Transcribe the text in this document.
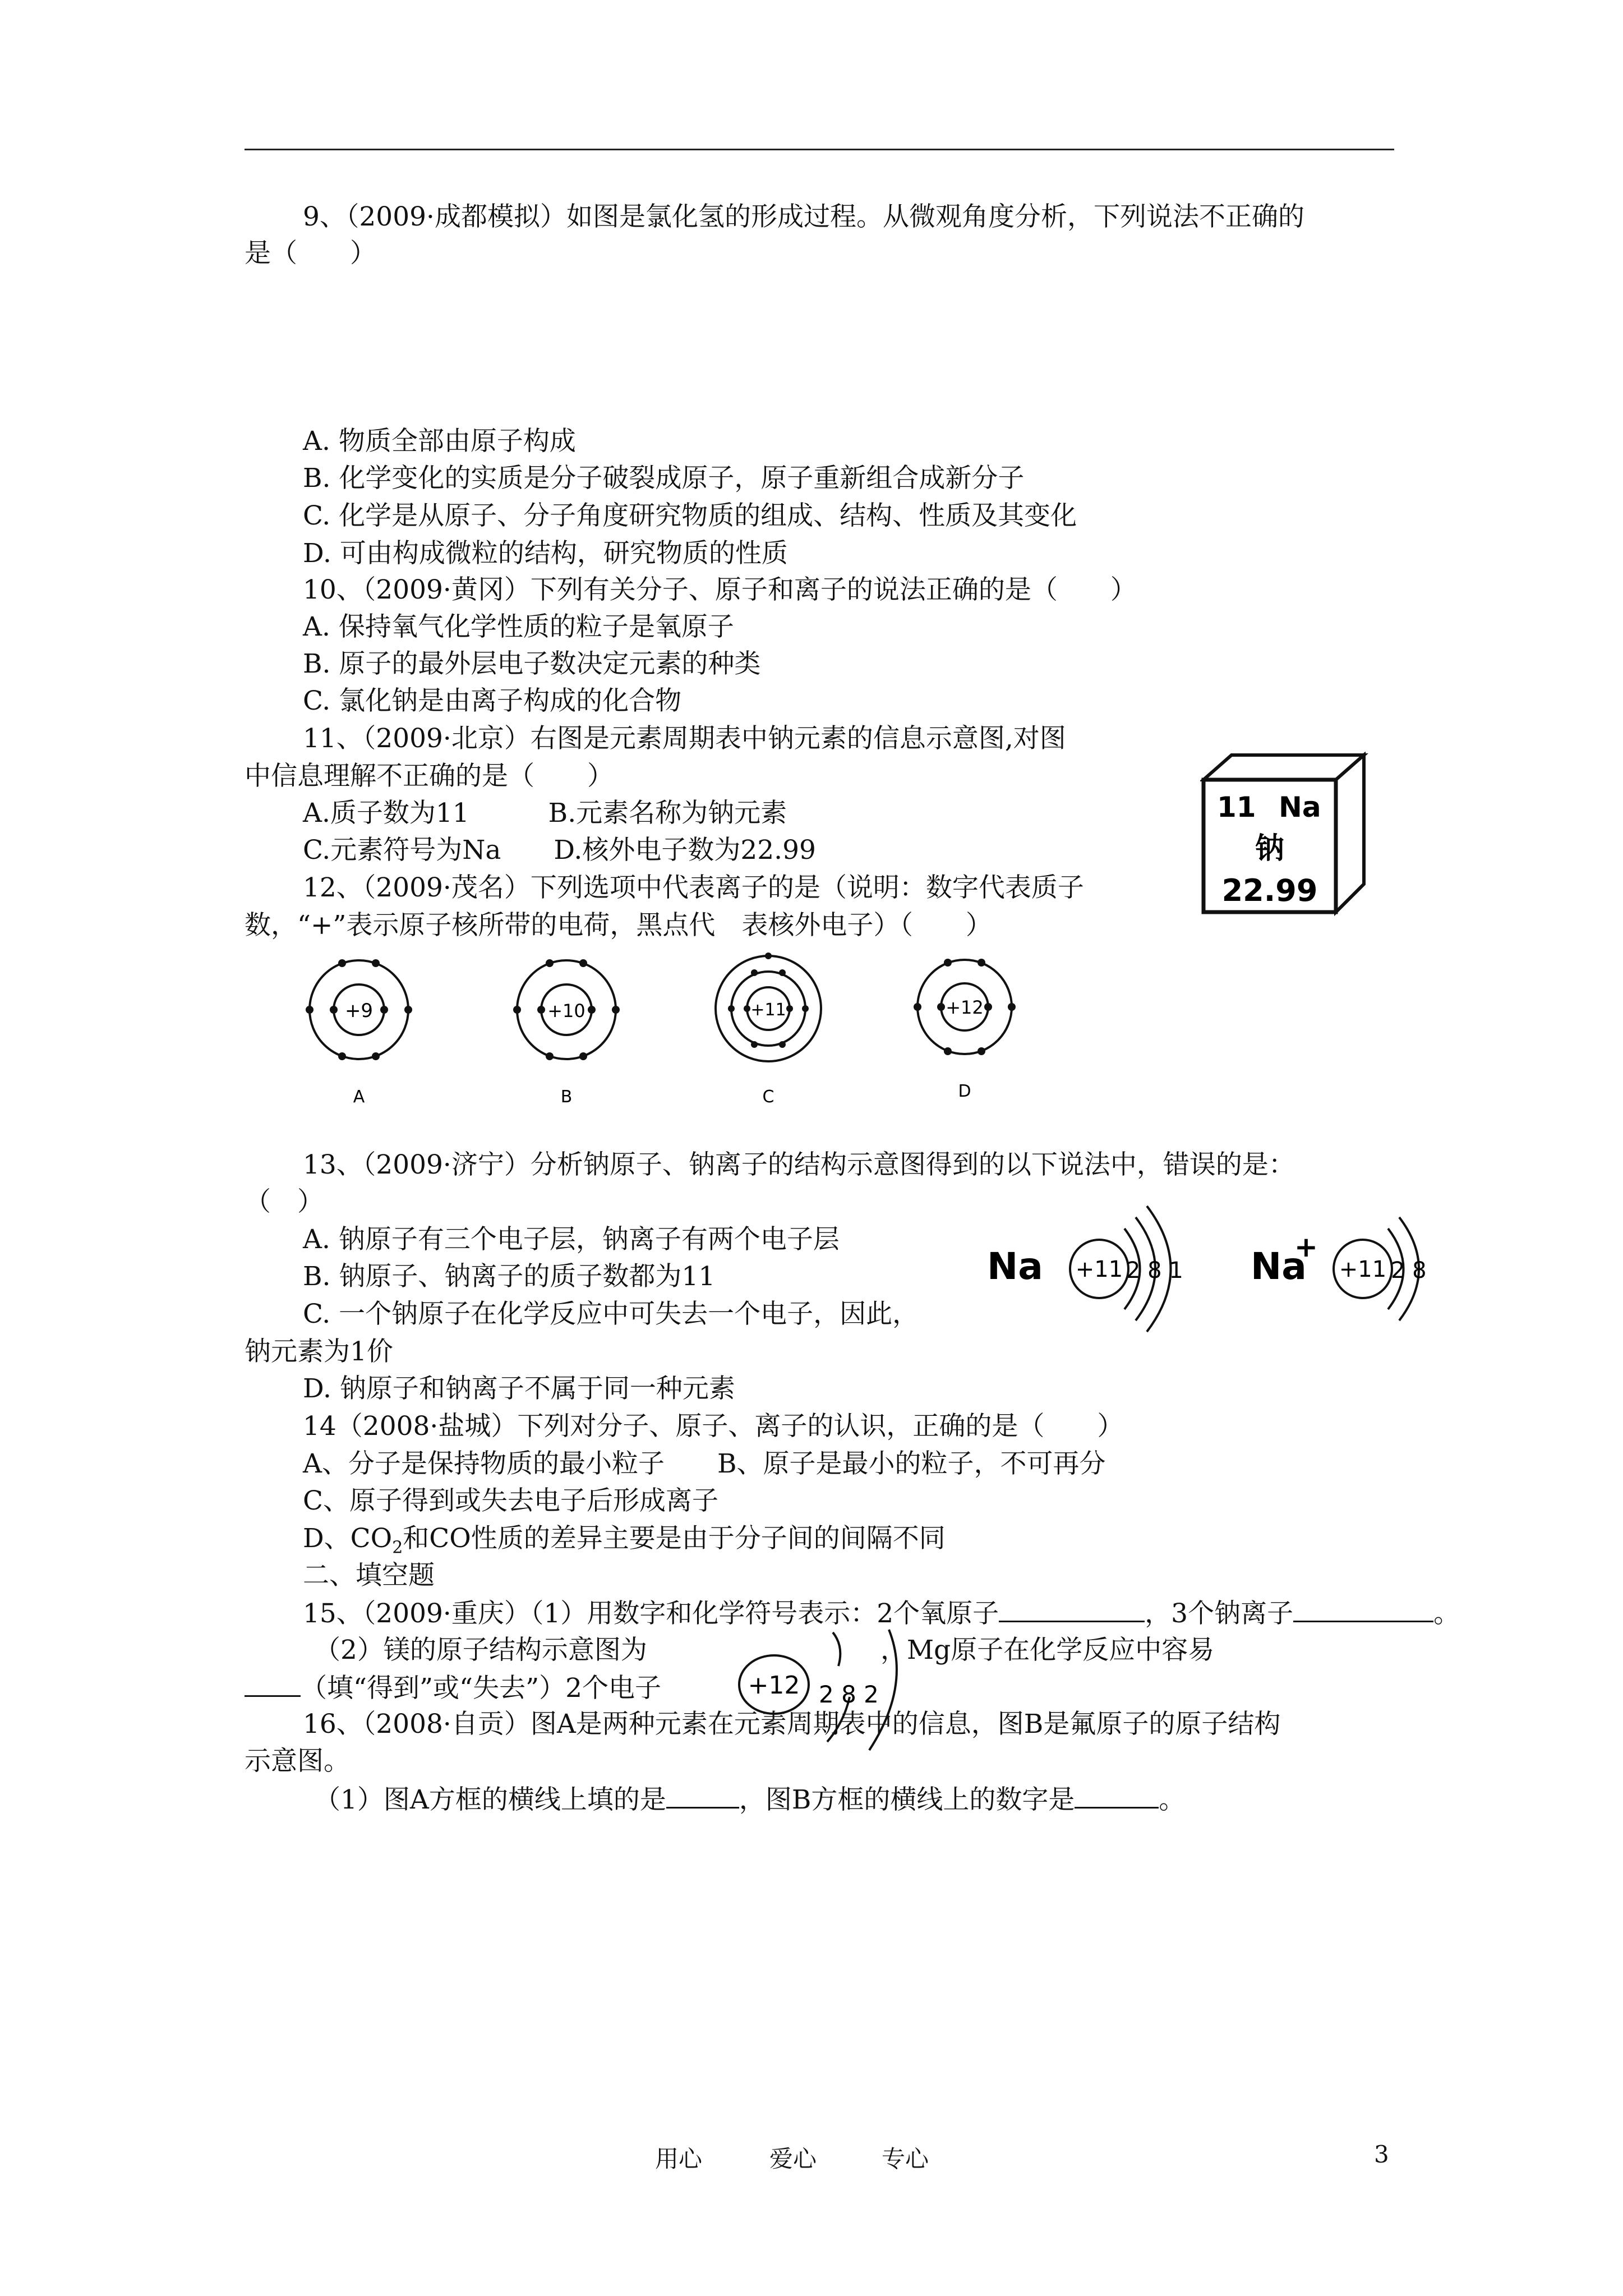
9、（2009·成都模拟）如图是氯化氢的形成过程。从微观角度分析，下列说法不正确的
是（　　）
A. 物质全部由原子构成
B. 化学变化的实质是分子破裂成原子，原子重新组合成新分子
C. 化学是从原子、分子角度研究物质的组成、结构、性质及其变化
D. 可由构成微粒的结构，研究物质的性质
10、（2009·黄冈）下列有关分子、原子和离子的说法正确的是（　　）
A. 保持氧气化学性质的粒子是氧原子
B. 原子的最外层电子数决定元素的种类
C. 氯化钠是由离子构成的化合物
11、（2009·北京）右图是元素周期表中钠元素的信息示意图,对图
中信息理解不正确的是（　　）
A.质子数为11　　　B.元素名称为钠元素
C.元素符号为Na　　D.核外电子数为22.99
11 Na
钠
22.99
12、（2009·茂名）下列选项中代表离子的是（说明：数字代表质子
数，“+”表示原子核所带的电荷，黑点代　表核外电子）（　　）
+9
A
+10
B
+11
C
+12
D
13、（2009·济宁）分析钠原子、钠离子的结构示意图得到的以下说法中，错误的是：
（　）
A. 钠原子有三个电子层，钠离子有两个电子层
B. 钠原子、钠离子的质子数都为11
C. 一个钠原子在化学反应中可失去一个电子，因此，
钠元素为1价
D. 钠原子和钠离子不属于同一种元素
Na +11 2 8 1 Na
+
+11 2 8
14（2008·盐城）下列对分子、原子、离子的认识，正确的是（　　）
A、分子是保持物质的最小粒子　　B、原子是最小的粒子，不可再分
C、原子得到或失去电子后形成离子
D、$CO_2$和CO性质的差异主要是由于分子间的间隔不同
二、填空题
15、（2009·重庆）（1）用数字和化学符号表示：2个氧原子	，3个钠离子	。
（2）镁的原子结构示意图为	，Mg原子在化学反应中容易
（填“得到”或“失去”）2个电子	+12 2 8 2
16、（2008·自贡）图A是两种元素在元素周期表中的信息，图B是氟原子的原子结构
示意图。
（1）图A方框的横线上填的是	，图B方框的横线上的数字是	。
用心	爱心	专心	3
